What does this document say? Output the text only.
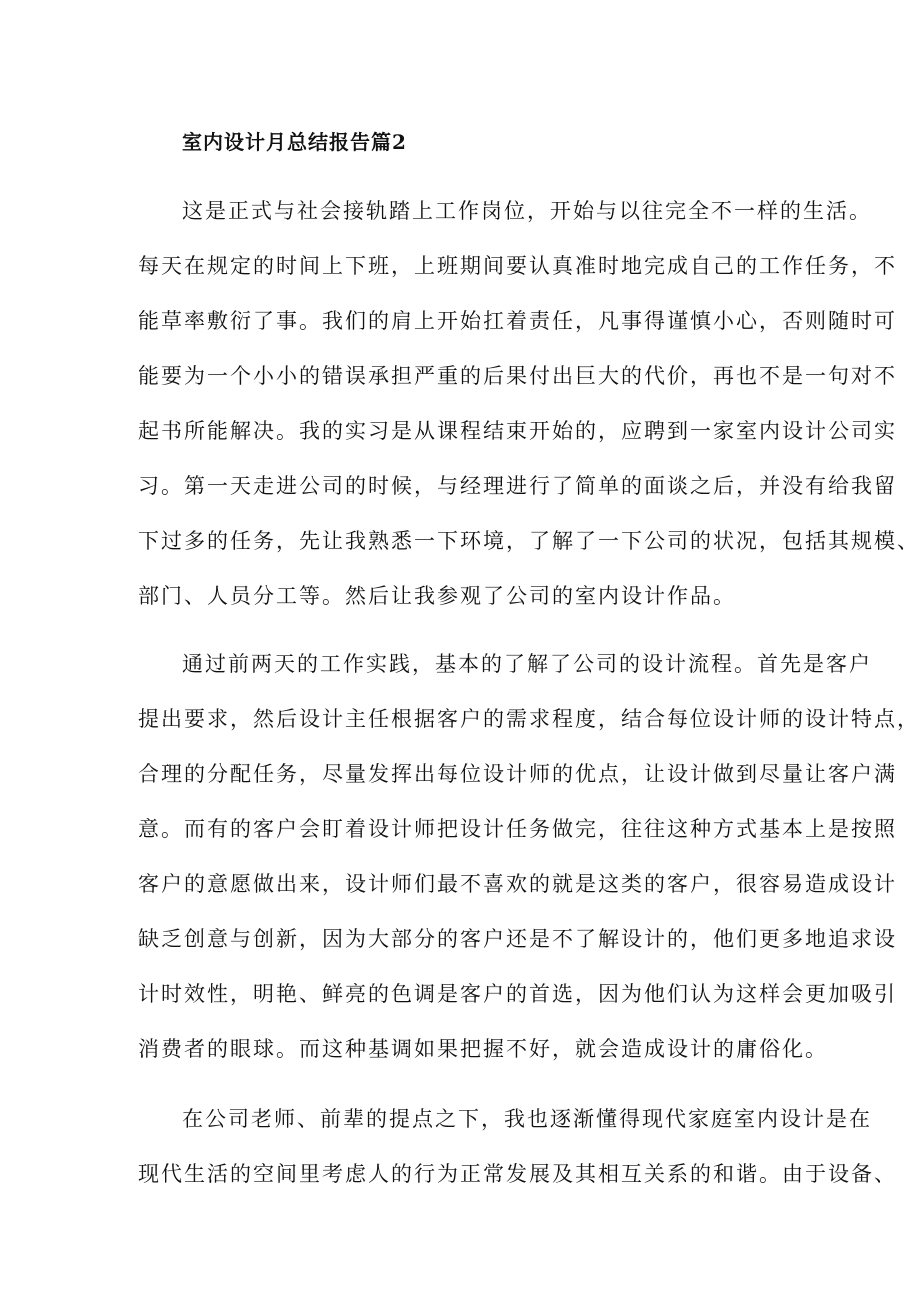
室内设计月总结报告篇2
这是正式与社会接轨踏上工作岗位，开始与以往完全不一样的生活。
每天在规定的时间上下班，上班期间要认真准时地完成自己的工作任务，不
能草率敷衍了事。我们的肩上开始扛着责任，凡事得谨慎小心，否则随时可
能要为一个小小的错误承担严重的后果付出巨大的代价，再也不是一句对不
起书所能解决。我的实习是从课程结束开始的，应聘到一家室内设计公司实
习。第一天走进公司的时候，与经理进行了简单的面谈之后，并没有给我留
下过多的任务，先让我熟悉一下环境，了解了一下公司的状况，包括其规模、
部门、人员分工等。然后让我参观了公司的室内设计作品。
通过前两天的工作实践，基本的了解了公司的设计流程。首先是客户
提出要求，然后设计主任根据客户的需求程度，结合每位设计师的设计特点，
合理的分配任务，尽量发挥出每位设计师的优点，让设计做到尽量让客户满
意。而有的客户会盯着设计师把设计任务做完，往往这种方式基本上是按照
客户的意愿做出来，设计师们最不喜欢的就是这类的客户，很容易造成设计
缺乏创意与创新，因为大部分的客户还是不了解设计的，他们更多地追求设
计时效性，明艳、鲜亮的色调是客户的首选，因为他们认为这样会更加吸引
消费者的眼球。而这种基调如果把握不好，就会造成设计的庸俗化。
在公司老师、前辈的提点之下，我也逐渐懂得现代家庭室内设计是在
现代生活的空间里考虑人的行为正常发展及其相互关系的和谐。由于设备、
